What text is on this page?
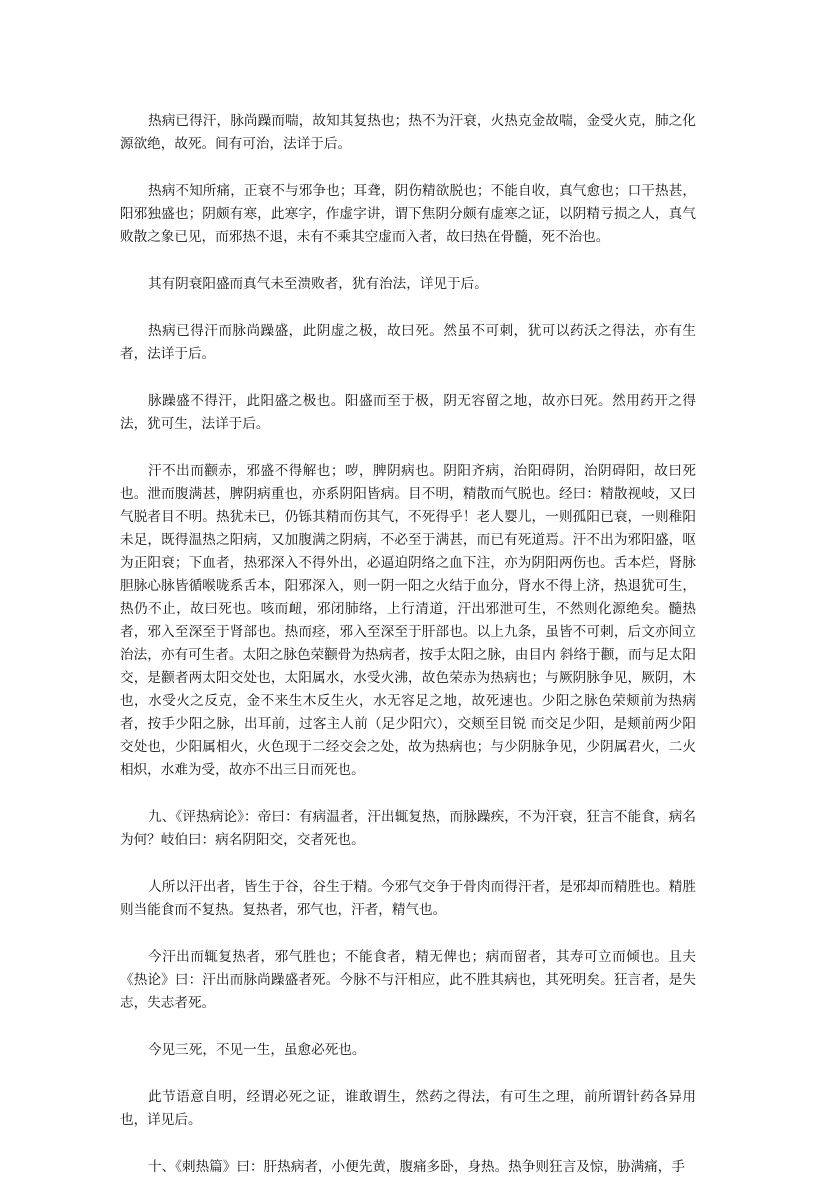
热病已得汗，脉尚躁而喘，故知其复热也；热不为汗衰，火热克金故喘，金受火克，肺之化源欲绝，故死。间有可治，法详于后。

热病不知所痛，正衰不与邪争也；耳聋，阴伤精欲脱也；不能自收，真气愈也；口干热甚，阳邪独盛也；阴颇有寒，此寒字，作虚字讲，谓下焦阴分颇有虚寒之证，以阴精亏损之人，真气败散之象已见，而邪热不退，未有不乘其空虚而入者，故曰热在骨髓，死不治也。

其有阴衰阳盛而真气未至溃败者，犹有治法，详见于后。

热病已得汗而脉尚躁盛，此阴虚之极，故曰死。然虽不可刺，犹可以药沃之得法，亦有生者，法详于后。

脉躁盛不得汗，此阳盛之极也。阳盛而至于极，阴无容留之地，故亦曰死。然用药开之得法，犹可生，法详于后。

汗不出而颧赤，邪盛不得解也；哕，脾阴病也。阴阳齐病，治阳碍阴，治阴碍阳，故曰死也。泄而腹满甚，脾阴病重也，亦系阴阳皆病。目不明，精散而气脱也。经曰：精散视岐，又曰气脱者目不明。热犹未已，仍铄其精而伤其气，不死得乎！老人婴儿，一则孤阳已衰，一则稚阳未足，既得温热之阳病，又加腹满之阴病，不必至于满甚，而已有死道焉。汗不出为邪阳盛，呕为正阳衰；下血者，热邪深入不得外出，必逼迫阴络之血下注，亦为阴阳两伤也。舌本烂，肾脉胆脉心脉皆循喉咙系舌本，阳邪深入，则一阴一阳之火结于血分，肾水不得上济，热退犹可生，热仍不止，故曰死也。咳而衄，邪闭肺络，上行清道，汗出邪泄可生，不然则化源绝矣。髓热者，邪入至深至于肾部也。热而痉，邪入至深至于肝部也。以上九条，虽皆不可刺，后文亦间立治法，亦有可生者。太阳之脉色荣颧骨为热病者，按手太阳之脉，由目内 斜络于颧，而与足太阳交，是颧者两太阳交处也，太阳属水，水受火沸，故色荣赤为热病也；与厥阴脉争见，厥阴，木也，水受火之反克，金不来生木反生火，水无容足之地，故死速也。少阳之脉色荣颊前为热病者，按手少阳之脉，出耳前，过客主人前（足少阳穴），交颊至目锐 而交足少阳，是颊前两少阳交处也，少阳属相火，火色现于二经交会之处，故为热病也；与少阴脉争见，少阴属君火，二火相炽，水难为受，故亦不出三日而死也。

九、《评热病论》：帝曰：有病温者，汗出辄复热，而脉躁疾，不为汗衰，狂言不能食，病名为何？岐伯曰：病名阴阳交，交者死也。

人所以汗出者，皆生于谷，谷生于精。今邪气交争于骨肉而得汗者，是邪却而精胜也。精胜则当能食而不复热。复热者，邪气也，汗者，精气也。

今汗出而辄复热者，邪气胜也；不能食者，精无俾也；病而留者，其寿可立而倾也。且夫《热论》曰：汗出而脉尚躁盛者死。今脉不与汗相应，此不胜其病也，其死明矣。狂言者，是失志，失志者死。

今见三死，不见一生，虽愈必死也。

此节语意自明，经谓必死之证，谁敢谓生，然药之得法，有可生之理，前所谓针药各异用也，详见后。

十、《刺热篇》曰：肝热病者，小便先黄，腹痛多卧，身热。热争则狂言及惊，胁满痛，手
